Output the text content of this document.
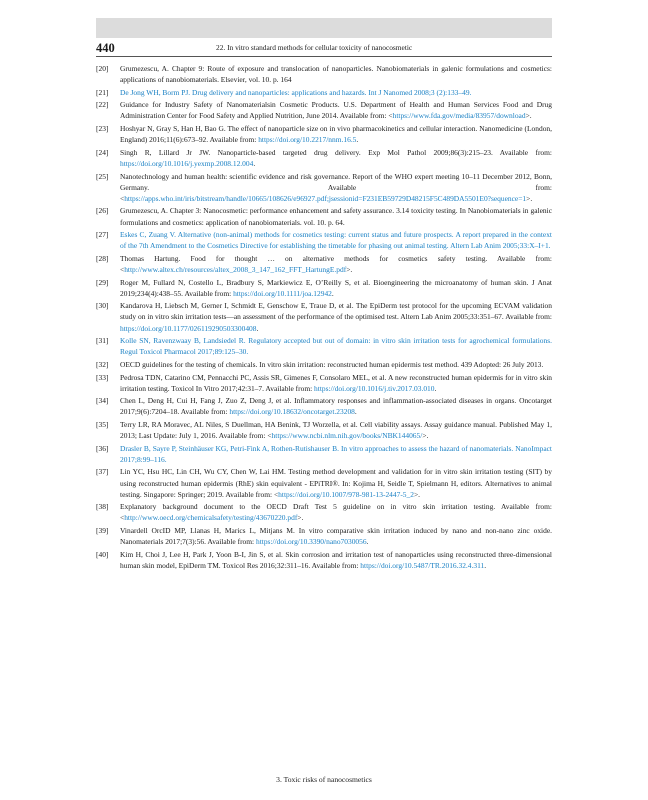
440	22. In vitro standard methods for cellular toxicity of nanocosmetic
[20] Grumezescu, A. Chapter 9: Route of exposure and translocation of nanoparticles. Nanobiomaterials in galenic formulations and cosmetics: applications of nanobiomaterials. Elsevier, vol. 10. p. 164
[21] De Jong WH, Borm PJ. Drug delivery and nanoparticles: applications and hazards. Int J Nanomed 2008;3 (2):133–49.
[22] Guidance for Industry Safety of Nanomaterialsin Cosmetic Products. U.S. Department of Health and Human Services Food and Drug Administration Center for Food Safety and Applied Nutrition, June 2014. Available from: <https://www.fda.gov/media/83957/download>.
[23] Hoshyar N, Gray S, Han H, Bao G. The effect of nanoparticle size on in vivo pharmacokinetics and cellular interaction. Nanomedicine (London, England) 2016;11(6):673–92. Available from: https://doi.org/10.2217/nnm.16.5.
[24] Singh R, Lillard Jr JW. Nanoparticle-based targeted drug delivery. Exp Mol Pathol 2009;86(3):215–23. Available from: https://doi.org/10.1016/j.yexmp.2008.12.004.
[25] Nanotechnology and human health: scientific evidence and risk governance. Report of the WHO expert meeting 10–11 December 2012, Bonn, Germany. Available from: <https://apps.who.int/iris/bitstream/handle/10665/108626/e96927.pdf;jsessionid=F231EB59729D48215F5C489DA5501E0?sequence=1>.
[26] Grumezescu, A. Chapter 3: Nanocosmetic: performance enhancement and safety assurance. 3.14 toxicity testing. In Nanobiomaterials in galenic formulations and cosmetics: application of nanobiomaterials. vol. 10. p. 64.
[27] Eskes C, Zuang V. Alternative (non-animal) methods for cosmetics testing: current status and future prospects. A report prepared in the context of the 7th Amendment to the Cosmetics Directive for establishing the timetable for phasing out animal testing. Altern Lab Anim 2005;33:X–I+1.
[28] Thomas Hartung. Food for thought … on alternative methods for cosmetics safety testing. Available from: <http://www.altex.ch/resources/altex_2008_3_147_162_FFT_HartungE.pdf>.
[29] Roger M, Fullard N, Costello L, Bradbury S, Markiewicz E, O’Reilly S, et al. Bioengineering the microanatomy of human skin. J Anat 2019;234(4):438–55. Available from: https://doi.org/10.1111/joa.12942.
[30] Kandarova H, Liebsch M, Gerner I, Schmidt E, Genschow E, Traue D, et al. The EpiDerm test protocol for the upcoming ECVAM validation study on in vitro skin irritation tests—an assessment of the performance of the optimised test. Altern Lab Anim 2005;33:351–67. Available from: https://doi.org/10.1177/026119290503300408.
[31] Kolle SN, Ravenzwaay B, Landsiedel R. Regulatory accepted but out of domain: in vitro skin irritation tests for agrochemical formulations. Regul Toxicol Pharmacol 2017;89:125–30.
[32] OECD guidelines for the testing of chemicals. In vitro skin irritation: reconstructed human epidermis test method. 439 Adopted: 26 July 2013.
[33] Pedrosa TDN, Catarino CM, Pennacchi PC, Assis SR, Gimenes F, Consolaro MEL, et al. A new reconstructed human epidermis for in vitro skin irritation testing. Toxicol In Vitro 2017;42:31–7. Available from: https://doi.org/10.1016/j.tiv.2017.03.010.
[34] Chen L, Deng H, Cui H, Fang J, Zuo Z, Deng J, et al. Inflammatory responses and inflammation-associated diseases in organs. Oncotarget 2017;9(6):7204–18. Available from: https://doi.org/10.18632/oncotarget.23208.
[35] Terry LR, RA Moravec, AL Niles, S Duellman, HA Benink, TJ Worzella, et al. Cell viability assays. Assay guidance manual. Published May 1, 2013; Last Update: July 1, 2016. Available from: <https://www.ncbi.nlm.nih.gov/books/NBK144065/>.
[36] Drasler B, Sayre P, Steinhäuser KG, Petri-Fink A, Rothen-Rutishauser B. In vitro approaches to assess the hazard of nanomaterials. NanoImpact 2017;8:99–116.
[37] Lin YC, Hsu HC, Lin CH, Wu CY, Chen W, Lai HM. Testing method development and validation for in vitro skin irritation testing (SIT) by using reconstructed human epidermis (RhE) skin equivalent - EPiTRI®. In: Kojima H, Seidle T, Spielmann H, editors. Alternatives to animal testing. Singapore: Springer; 2019. Available from: <https://doi.org/10.1007/978-981-13-2447-5_2>.
[38] Explanatory background document to the OECD Draft Test 5 guideline on in vitro skin irritation testing. Available from: <http://www.oecd.org/chemicalsafety/testing/43670220.pdf>.
[39] Vinardell OrcID MP, Llanas H, Marics L, Mitjans M. In vitro comparative skin irritation induced by nano and non-nano zinc oxide. Nanomaterials 2017;7(3):56. Available from: https://doi.org/10.3390/nano7030056.
[40] Kim H, Choi J, Lee H, Park J, Yoon B-I, Jin S, et al. Skin corrosion and irritation test of nanoparticles using reconstructed three-dimensional human skin model, EpiDerm TM. Toxicol Res 2016;32:311–16. Available from: https://doi.org/10.5487/TR.2016.32.4.311.
3. Toxic risks of nanocosmetics
